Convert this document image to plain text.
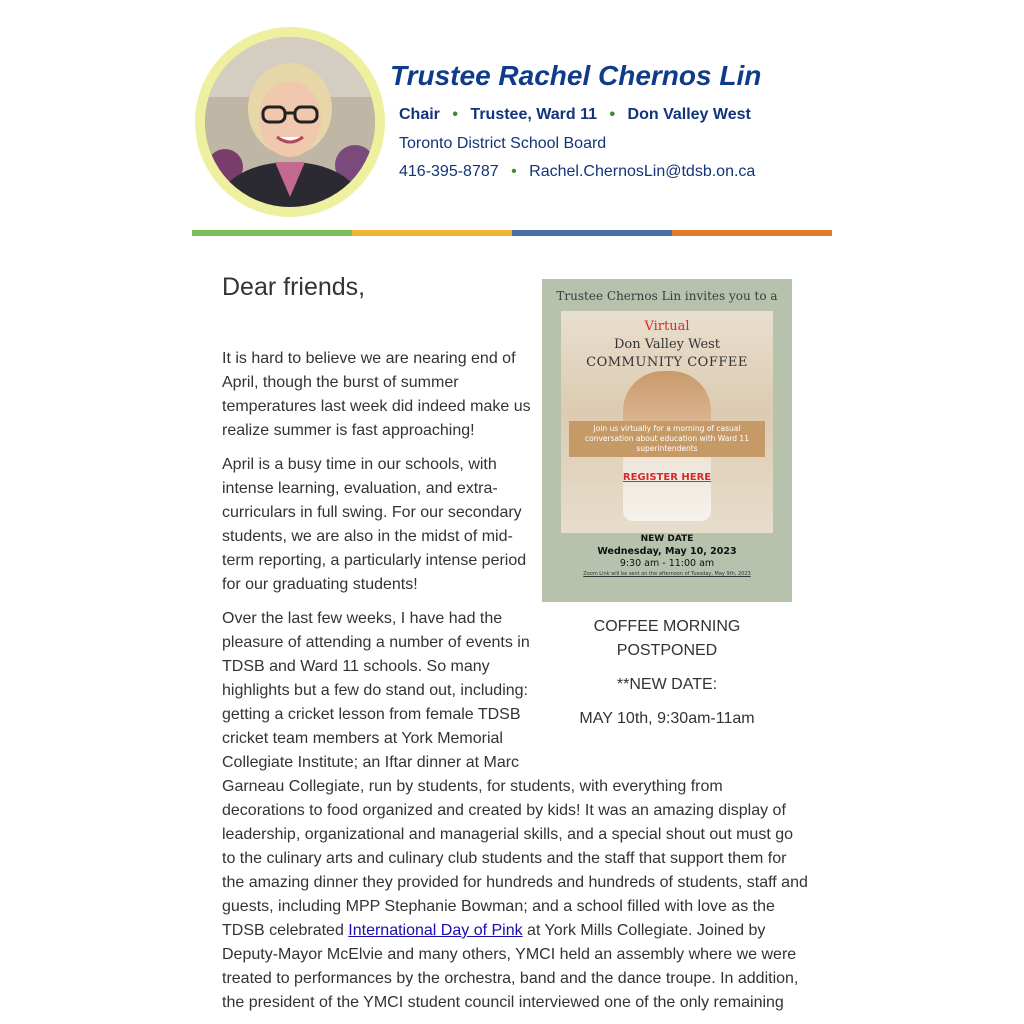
Trustee Rachel Chernos Lin
Chair • Trustee, Ward 11 • Don Valley West
Toronto District School Board
416-395-8787 • Rachel.ChernosLin@tdsb.on.ca
Dear friends,	Trustee Chernos Lin invites you to a
Virtual
Don Valley West
COMMUNITY COFFEE
Join us virtually for a morning of casual conversation about education with Ward 11 superintendents
REGISTER HERE
NEW DATE
Wednesday, May 10, 2023
9:30 am - 11:00 am
Zoom Link will be sent on the afternoon of Tuesday, May 9th, 2023

COFFEE MORNING
POSTPONED

**NEW DATE:

MAY 10th, 9:30am-11am

It is hard to believe we are nearing end of
April, though the burst of summer
temperatures last week did indeed make us
realize summer is fast approaching!

April is a busy time in our schools, with
intense learning, evaluation, and extra-
curriculars in full swing. For our secondary
students, we are also in the midst of mid-
term reporting, a particularly intense period
for our graduating students!

Over the last few weeks, I have had the
pleasure of attending a number of events in
TDSB and Ward 11 schools. So many
highlights but a few do stand out, including:
getting a cricket lesson from female TDSB
cricket team members at York Memorial
Collegiate Institute; an Iftar dinner at Marc
Garneau Collegiate, run by students, for students, with everything from
decorations to food organized and created by kids! It was an amazing display of
leadership, organizational and managerial skills, and a special shout out must go
to the culinary arts and culinary club students and the staff that support them for
the amazing dinner they provided for hundreds and hundreds of students, staff and
guests, including MPP Stephanie Bowman; and a school filled with love as the
TDSB celebrated International Day of Pink at York Mills Collegiate. Joined by
Deputy-Mayor McElvie and many others, YMCI held an assembly where we were
treated to performances by the orchestra, band and the dance troupe. In addition,
the president of the YMCI student council interviewed one of the only remaining
